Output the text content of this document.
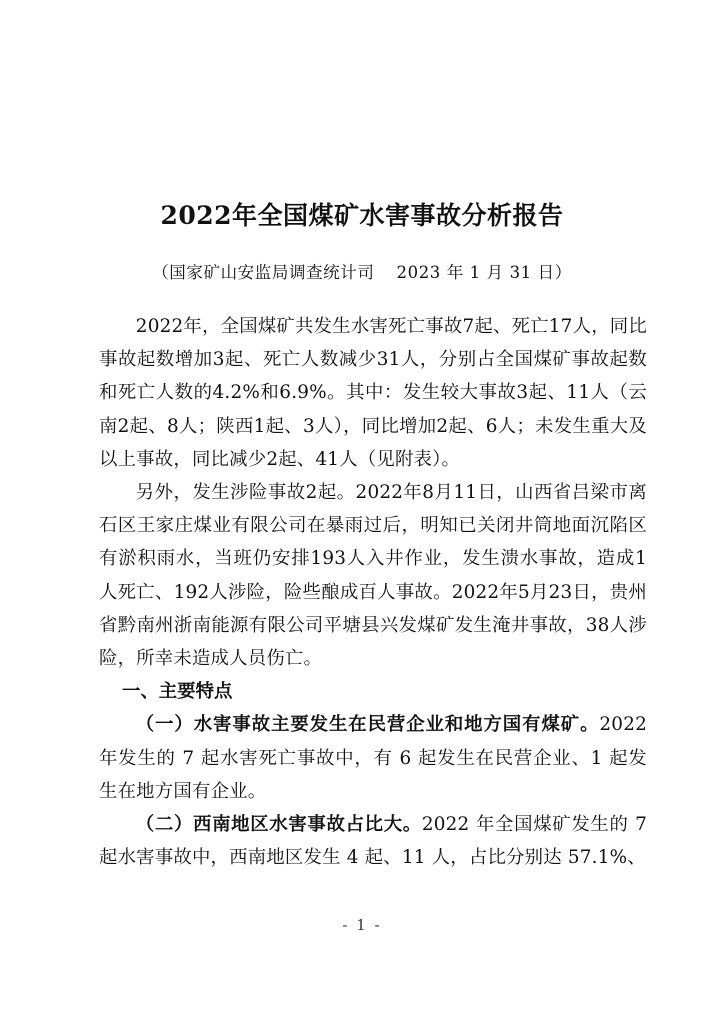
2022年全国煤矿水害事故分析报告
（国家矿山安监局调查统计司 2023 年 1 月 31 日）

2022年，全国煤矿共发生水害死亡事故7起、死亡17人，同比事故起数增加3起、死亡人数减少31人，分别占全国煤矿事故起数和死亡人数的4.2%和6.9%。其中：发生较大事故3起、11人（云南2起、8人；陕西1起、3人），同比增加2起、6人；未发生重大及以上事故，同比减少2起、41人（见附表）。

另外，发生涉险事故2起。2022年8月11日，山西省吕梁市离石区王家庄煤业有限公司在暴雨过后，明知已关闭井筒地面沉陷区有淤积雨水，当班仍安排193人入井作业，发生溃水事故，造成1人死亡、192人涉险，险些酿成百人事故。2022年5月23日，贵州省黔南州浙南能源有限公司平塘县兴发煤矿发生淹井事故，38人涉险，所幸未造成人员伤亡。

一、主要特点

（一）水害事故主要发生在民营企业和地方国有煤矿。2022年发生的 7 起水害死亡事故中，有 6 起发生在民营企业、1 起发生在地方国有企业。

（二）西南地区水害事故占比大。2022 年全国煤矿发生的 7 起水害事故中，西南地区发生 4 起、11 人，占比分别达 57.1%、

- 1 -
